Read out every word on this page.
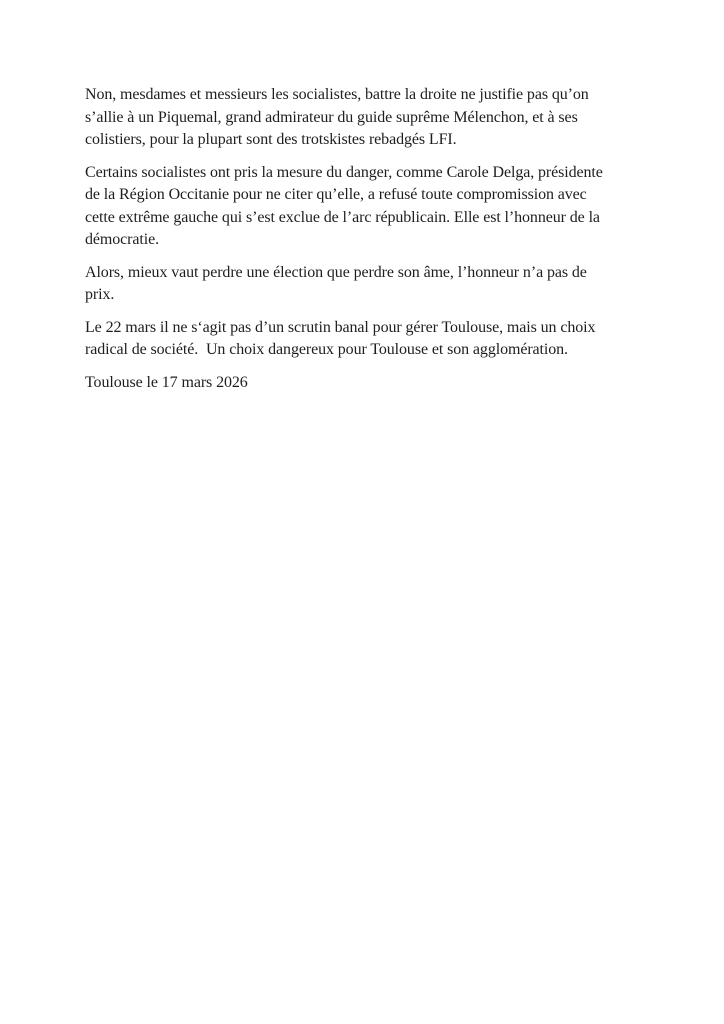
Non, mesdames et messieurs les socialistes, battre la droite ne justifie pas qu’on
s’allie à un Piquemal, grand admirateur du guide suprême Mélenchon, et à ses
colistiers, pour la plupart sont des trotskistes rebadgés LFI.

Certains socialistes ont pris la mesure du danger, comme Carole Delga, présidente
de la Région Occitanie pour ne citer qu’elle, a refusé toute compromission avec
cette extrême gauche qui s’est exclue de l’arc républicain. Elle est l’honneur de la
démocratie.

Alors, mieux vaut perdre une élection que perdre son âme, l’honneur n’a pas de
prix.

Le 22 mars il ne s‘agit pas d’un scrutin banal pour gérer Toulouse, mais un choix
radical de société.  Un choix dangereux pour Toulouse et son agglomération.

Toulouse le 17 mars 2026
